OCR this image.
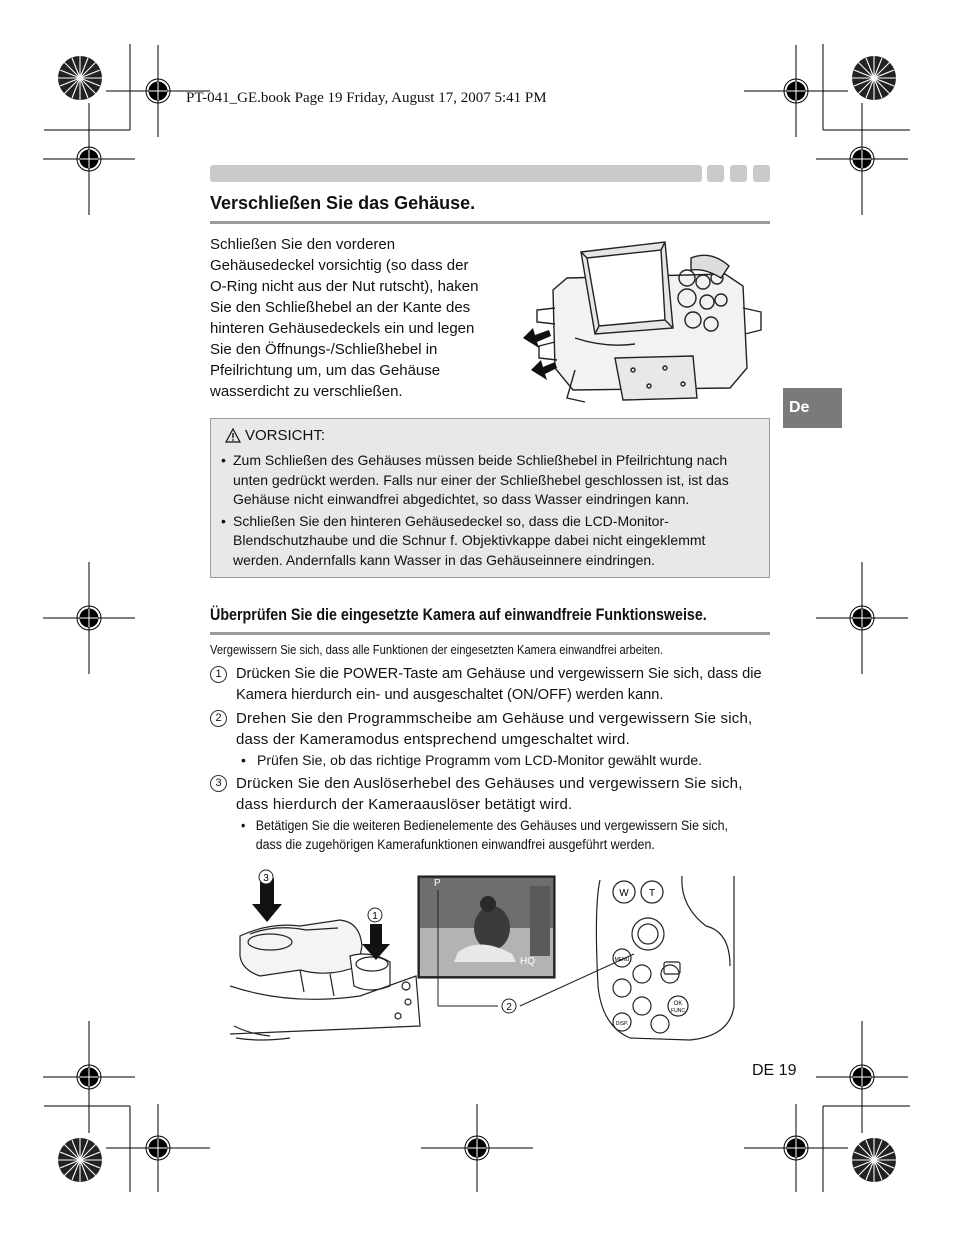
PT-041_GE.book Page 19 Friday, August 17, 2007 5:41 PM
Verschließen Sie das Gehäuse.
Schließen Sie den vorderen
Gehäusedeckel vorsichtig (so dass der
O-Ring nicht aus der Nut rutscht), haken
Sie den Schließhebel an der Kante des
hinteren Gehäusedeckels ein und legen
Sie den Öffnungs-/Schließhebel in
Pfeilrichtung um, um das Gehäuse
wasserdicht zu verschließen.
De
VORSICHT:
• Zum Schließen des Gehäuses müssen beide Schließhebel in Pfeilrichtung nach unten gedrückt werden. Falls nur einer der Schließhebel geschlossen ist, ist das Gehäuse nicht einwandfrei abgedichtet, so dass Wasser eindringen kann.
• Schließen Sie den hinteren Gehäusedeckel so, dass die LCD-Monitor-Blendschutzhaube und die Schnur f. Objektivkappe dabei nicht eingeklemmt werden. Andernfalls kann Wasser in das Gehäuseinnere eindringen.
Überprüfen Sie die eingesetzte Kamera auf einwandfreie Funktionsweise.
Vergewissern Sie sich, dass alle Funktionen der eingesetzten Kamera einwandfrei arbeiten.
1 Drücken Sie die POWER-Taste am Gehäuse und vergewissern Sie sich, dass die Kamera hierdurch ein- und ausgeschaltet (ON/OFF) werden kann.
2 Drehen Sie den Programmscheibe am Gehäuse und vergewissern Sie sich, dass der Kameramodus entsprechend umgeschaltet wird.
• Prüfen Sie, ob das richtige Programm vom LCD-Monitor gewählt wurde.
3 Drücken Sie den Auslöserhebel des Gehäuses und vergewissern Sie sich, dass hierdurch der Kameraauslöser betätigt wird.
• Betätigen Sie die weiteren Bedienelemente des Gehäuses und vergewissern Sie sich, dass die zugehörigen Kamerafunktionen einwandfrei ausgeführt werden.
3
1
P
HQ
2
W T
MENU
OK
FUNC
DISP.
DE 19
